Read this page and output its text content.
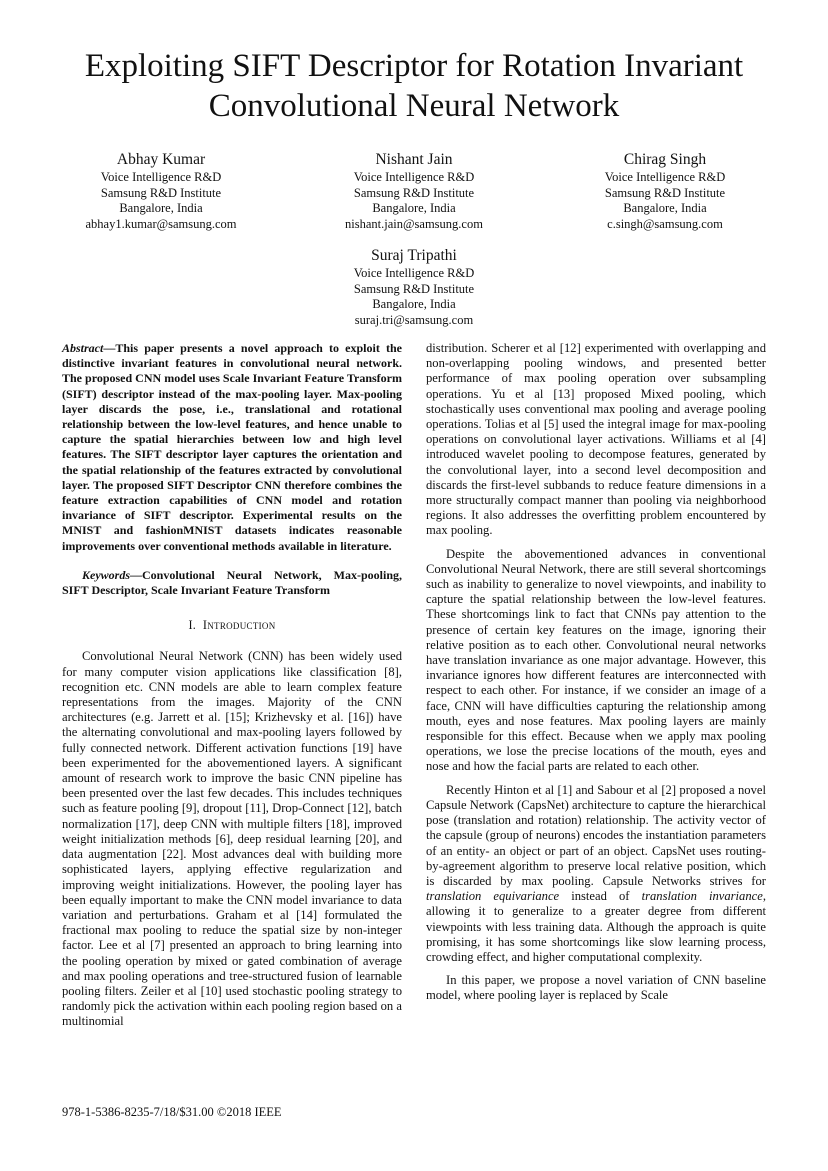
Exploiting SIFT Descriptor for Rotation Invariant
Convolutional Neural Network
Abhay Kumar
Voice Intelligence R&D
Samsung R&D Institute
Bangalore, India
abhay1.kumar@samsung.com
Nishant Jain
Voice Intelligence R&D
Samsung R&D Institute
Bangalore, India
nishant.jain@samsung.com
Chirag Singh
Voice Intelligence R&D
Samsung R&D Institute
Bangalore, India
c.singh@samsung.com
Suraj Tripathi
Voice Intelligence R&D
Samsung R&D Institute
Bangalore, India
suraj.tri@samsung.com

Abstract—This paper presents a novel approach to exploit the distinctive invariant features in convolutional neural network. The proposed CNN model uses Scale Invariant Feature Transform (SIFT) descriptor instead of the max-pooling layer. Max-pooling layer discards the pose, i.e., translational and rotational relationship between the low-level features, and hence unable to capture the spatial hierarchies between low and high level features. The SIFT descriptor layer captures the orientation and the spatial relationship of the features extracted by convolutional layer. The proposed SIFT Descriptor CNN therefore combines the feature extraction capabilities of CNN model and rotation invariance of SIFT descriptor. Experimental results on the MNIST and fashionMNIST datasets indicates reasonable improvements over conventional methods available in literature.

Keywords—Convolutional Neural Network, Max-pooling, SIFT Descriptor, Scale Invariant Feature Transform

I. Introduction

Convolutional Neural Network (CNN) has been widely used for many computer vision applications like classification [8], recognition etc. CNN models are able to learn complex feature representations from the images. Majority of the CNN architectures (e.g. Jarrett et al. [15]; Krizhevsky et al. [16]) have the alternating convolutional and max-pooling layers followed by fully connected network. Different activation functions [19] have been experimented for the abovementioned layers. A significant amount of research work to improve the basic CNN pipeline has been presented over the last few decades. This includes techniques such as feature pooling [9], dropout [11], Drop-Connect [12], batch normalization [17], deep CNN with multiple filters [18], improved weight initialization methods [6], deep residual learning [20], and data augmentation [22]. Most advances deal with building more sophisticated layers, applying effective regularization and improving weight initializations. However, the pooling layer has been equally important to make the CNN model invariance to data variation and perturbations. Graham et al [14] formulated the fractional max pooling to reduce the spatial size by non-integer factor. Lee et al [7] presented an approach to bring learning into the pooling operation by mixed or gated combination of average and max pooling operations and tree-structured fusion of learnable pooling filters. Zeiler et al [10] used stochastic pooling strategy to randomly pick the activation within each pooling region based on a multinomial

distribution. Scherer et al [12] experimented with overlapping and non-overlapping pooling windows, and presented better performance of max pooling operation over subsampling operations. Yu et al [13] proposed Mixed pooling, which stochastically uses conventional max pooling and average pooling operations. Tolias et al [5] used the integral image for max-pooling operations on convolutional layer activations. Williams et al [4] introduced wavelet pooling to decompose features, generated by the convolutional layer, into a second level decomposition and discards the first-level subbands to reduce feature dimensions in a more structurally compact manner than pooling via neighborhood regions. It also addresses the overfitting problem encountered by max pooling.

Despite the abovementioned advances in conventional Convolutional Neural Network, there are still several shortcomings such as inability to generalize to novel viewpoints, and inability to capture the spatial relationship between the low-level features. These shortcomings link to fact that CNNs pay attention to the presence of certain key features on the image, ignoring their relative position as to each other. Convolutional neural networks have translation invariance as one major advantage. However, this invariance ignores how different features are interconnected with respect to each other. For instance, if we consider an image of a face, CNN will have difficulties capturing the relationship among mouth, eyes and nose features. Max pooling layers are mainly responsible for this effect. Because when we apply max pooling operations, we lose the precise locations of the mouth, eyes and nose and how the facial parts are related to each other.

Recently Hinton et al [1] and Sabour et al [2] proposed a novel Capsule Network (CapsNet) architecture to capture the hierarchical pose (translation and rotation) relationship. The activity vector of the capsule (group of neurons) encodes the instantiation parameters of an entity- an object or part of an object. CapsNet uses routing-by-agreement algorithm to preserve local relative position, which is discarded by max pooling. Capsule Networks strives for translation equivariance instead of translation invariance, allowing it to generalize to a greater degree from different viewpoints with less training data. Although the approach is quite promising, it has some shortcomings like slow learning process, crowding effect, and higher computational complexity.

In this paper, we propose a novel variation of CNN baseline model, where pooling layer is replaced by Scale

978-1-5386-8235-7/18/$31.00 ©2018 IEEE
